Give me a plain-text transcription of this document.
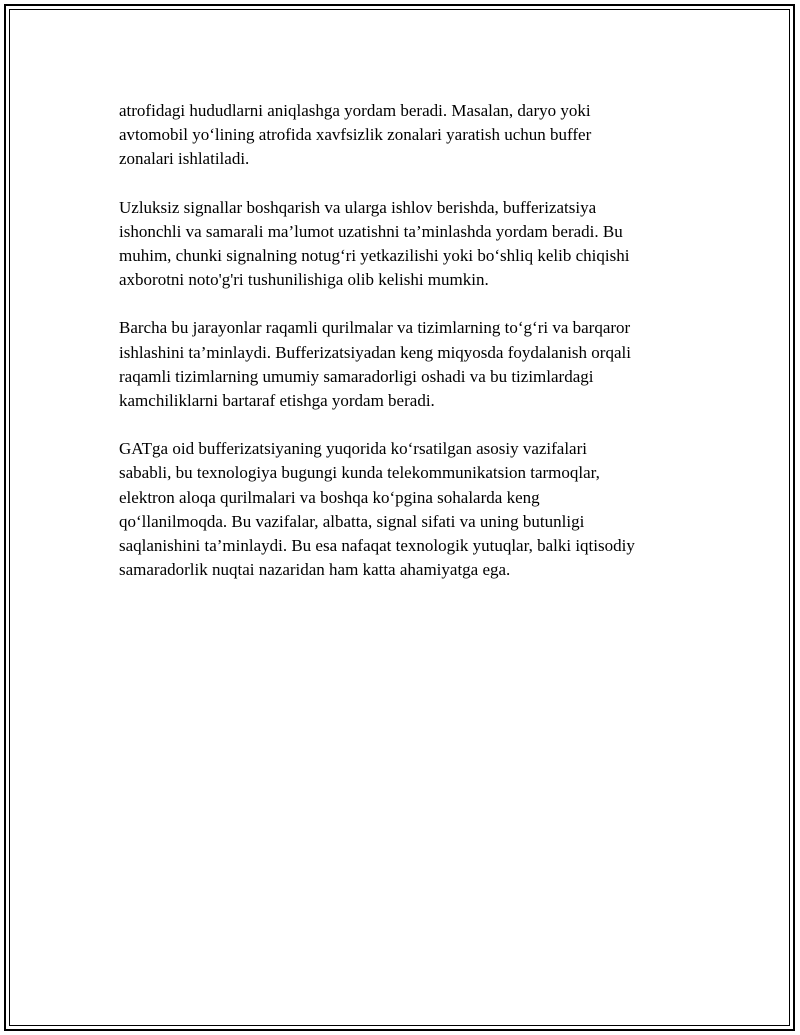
atrofidagi hududlarni aniqlashga yordam beradi. Masalan, daryo yoki
avtomobil yo‘lining atrofida xavfsizlik zonalari yaratish uchun buffer
zonalari ishlatiladi.

Uzluksiz signallar boshqarish va ularga ishlov berishda, bufferizatsiya
ishonchli va samarali ma’lumot uzatishni ta’minlashda yordam beradi. Bu
muhim, chunki signalning notug‘ri yetkazilishi yoki bo‘shliq kelib chiqishi
axborotni noto'g'ri tushunilishiga olib kelishi mumkin.

Barcha bu jarayonlar raqamli qurilmalar va tizimlarning to‘g‘ri va barqaror
ishlashini ta’minlaydi. Bufferizatsiyadan keng miqyosda foydalanish orqali
raqamli tizimlarning umumiy samaradorligi oshadi va bu tizimlardagi
kamchiliklarni bartaraf etishga yordam beradi.

GATga oid bufferizatsiyaning yuqorida ko‘rsatilgan asosiy vazifalari
sababli, bu texnologiya bugungi kunda telekommunikatsion tarmoqlar,
elektron aloqa qurilmalari va boshqa ko‘pgina sohalarda keng
qo‘llanilmoqda. Bu vazifalar, albatta, signal sifati va uning butunligi
saqlanishini ta’minlaydi. Bu esa nafaqat texnologik yutuqlar, balki iqtisodiy
samaradorlik nuqtai nazaridan ham katta ahamiyatga ega.
